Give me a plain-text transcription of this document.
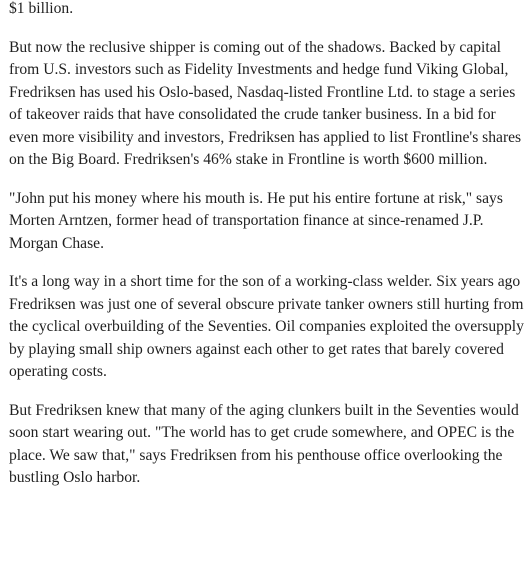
$1 billion.

But now the reclusive shipper is coming out of the shadows. Backed by capital from U.S. investors such as Fidelity Investments and hedge fund Viking Global, Fredriksen has used his Oslo-based, Nasdaq-listed Frontline Ltd. to stage a series of takeover raids that have consolidated the crude tanker business. In a bid for even more visibility and investors, Fredriksen has applied to list Frontline's shares on the Big Board. Fredriksen's 46% stake in Frontline is worth $600 million.

"John put his money where his mouth is. He put his entire fortune at risk," says Morten Arntzen, former head of transportation finance at since-renamed J.P. Morgan Chase.

It's a long way in a short time for the son of a working-class welder. Six years ago Fredriksen was just one of several obscure private tanker owners still hurting from the cyclical overbuilding of the Seventies. Oil companies exploited the oversupply by playing small ship owners against each other to get rates that barely covered operating costs.

But Fredriksen knew that many of the aging clunkers built in the Seventies would soon start wearing out. "The world has to get crude somewhere, and OPEC is the place. We saw that," says Fredriksen from his penthouse office overlooking the bustling Oslo harbor.
